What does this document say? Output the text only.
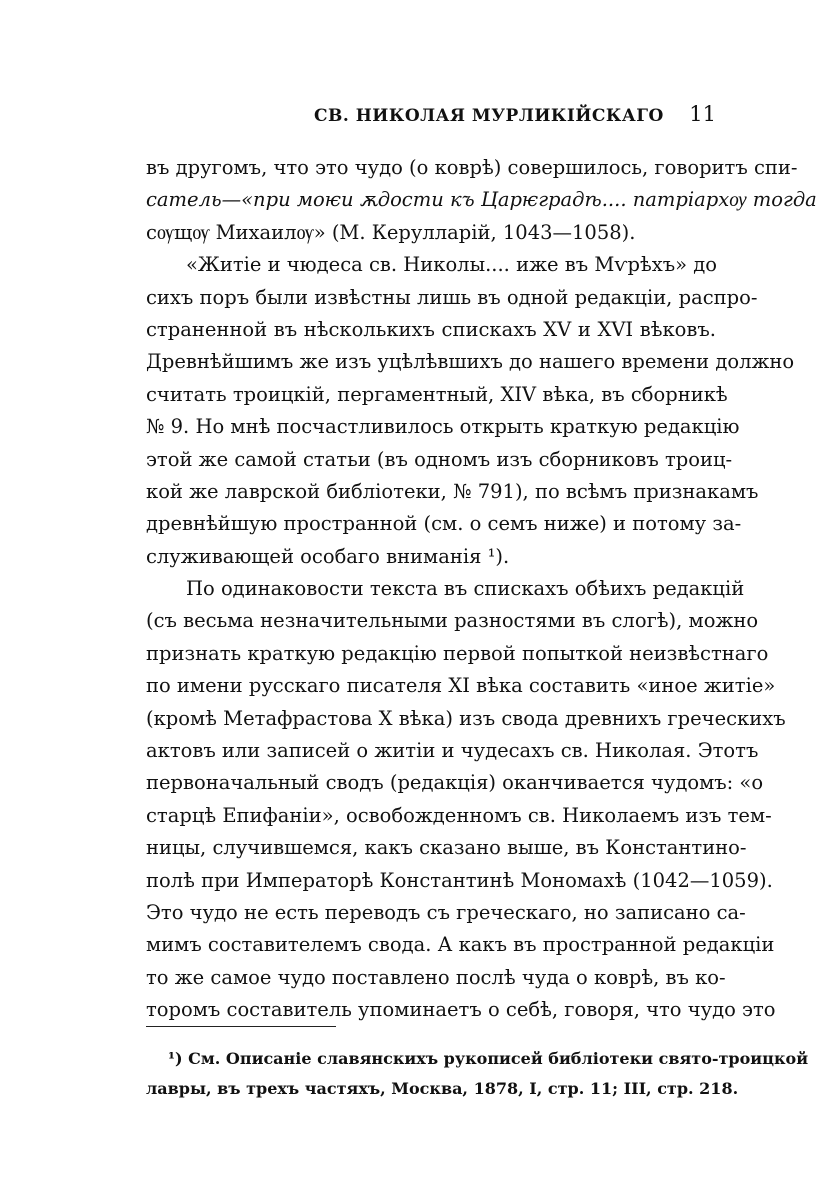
СВ. НИКОЛАЯ МУРЛИКІЙСКАГО 11
въ другомъ, что это чудо (о коврѣ) совершилось, говоритъ спи-
сатель—«при моѥи ѫдости къ Царѥградѣ.... патріархѹ тогда
сѹщѹ Михаилѹ» (М. Керулларій, 1043—1058).
«Житіе и чюдеса св. Николы.... иже въ Мѵрѣхъ» до
сихъ поръ были извѣстны лишь въ одной редакціи, распро-
страненной въ нѣсколькихъ спискахъ XV и XVI вѣковъ.
Древнѣйшимъ же изъ уцѣлѣвшихъ до нашего времени должно
считать троицкій, пергаментный, XIV вѣка, въ сборникѣ
№ 9. Но мнѣ посчастливилось открыть краткую редакцію
этой же самой статьи (въ одномъ изъ сборниковъ троиц-
кой же лаврской библіотеки, № 791), по всѣмъ признакамъ
древнѣйшую пространной (см. о семъ ниже) и потому за-
служивающей особаго вниманія ¹).
По одинаковости текста въ спискахъ обѣихъ редакцій
(съ весьма незначительными разностями въ слогѣ), можно
признать краткую редакцію первой попыткой неизвѣстнаго
по имени русскаго писателя XI вѣка составить «иное житіе»
(кромѣ Метафрастова X вѣка) изъ свода древнихъ греческихъ
актовъ или записей о житіи и чудесахъ св. Николая. Этотъ
первоначальный сводъ (редакція) оканчивается чудомъ: «о
старцѣ Епифаніи», освобожденномъ св. Николаемъ изъ тем-
ницы, случившемся, какъ сказано выше, въ Константино-
полѣ при Императорѣ Константинѣ Мономахѣ (1042—1059).
Это чудо не есть переводъ съ греческаго, но записано са-
мимъ составителемъ свода. А какъ въ пространной редакціи
то же самое чудо поставлено послѣ чуда о коврѣ, въ ко-
торомъ составитель упоминаетъ о себѣ, говоря, что чудо это
¹) См. Описаніе славянскихъ рукописей библіотеки свято-троицкой
лавры, въ трехъ частяхъ, Москва, 1878, I, стр. 11; III, стр. 218.
